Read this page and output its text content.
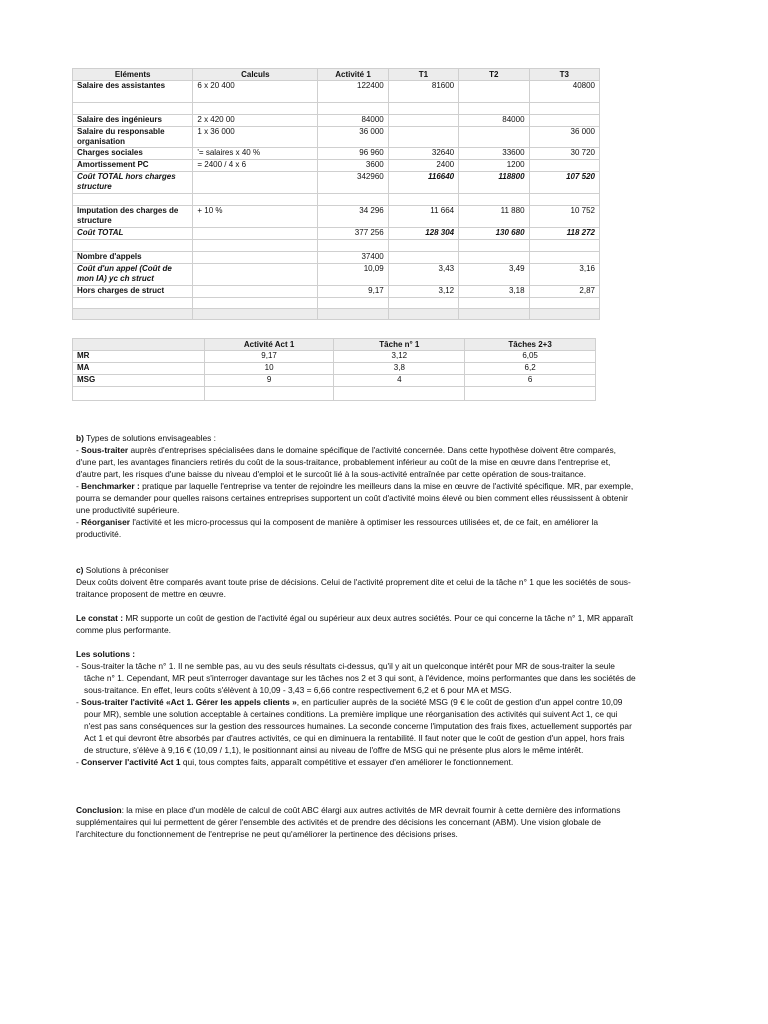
Eléments	Calculs	Activité 1	T1	T2	T3
Salaire des assistantes	6 x 20 400	122400	81600		40800

Salaire des ingénieurs	2 x 420 00	84000		84000	
Salaire du responsable organisation	1 x 36 000	36 000			36 000
Charges sociales	'= salaires x 40 %	96 960	32640	33600	30 720
Amortissement PC	= 2400 / 4 x 6	3600	2400	1200	
Coût TOTAL hors charges structure		342960	116640	118800	107 520

Imputation des charges de structure	+ 10 %	34 296	11 664	11 880	10 752
Coût TOTAL		377 256	128 304	130 680	118 272

Nombre d'appels		37400			
Coût d'un appel (Coût de mon IA) yc ch struct		10,09	3,43	3,49	3,16
Hors charges de struct		9,17	3,12	3,18	2,87

	Activité Act 1	Tâche n° 1	Tâches 2+3
MR	9,17	3,12	6,05
MA	10	3,8	6,2
MSG	9	4	6

b) Types de solutions envisageables :

- Sous-traiter auprès d'entreprises spécialisées dans le domaine spécifique de l'activité concernée. Dans cette hypothèse doivent être comparés, d'une part, les avantages financiers retirés du coût de la sous-traitance, probablement inférieur au coût de la mise en œuvre dans l'entreprise et, d'autre part, les risques d'une baisse du niveau d'emploi et le surcoût lié à la sous-activité entraînée par cette opération de sous-traitance.

- Benchmarker : pratique par laquelle l'entreprise va tenter de rejoindre les meilleurs dans la mise en œuvre de l'activité spécifique. MR, par exemple, pourra se demander pour quelles raisons certaines entreprises supportent un coût d'activité moins élevé ou bien comment elles réussissent à obtenir une productivité supérieure.

- Réorganiser l'activité et les micro-processus qui la composent de manière à optimiser les ressources utilisées et, de ce fait, en améliorer la productivité.

c) Solutions à préconiser

Deux coûts doivent être comparés avant toute prise de décisions. Celui de l'activité proprement dite et celui de la tâche n° 1 que les sociétés de sous-traitance proposent de mettre en œuvre.

Le constat : MR supporte un coût de gestion de l'activité égal ou supérieur aux deux autres sociétés. Pour ce qui concerne la tâche n° 1, MR apparaît comme plus performante.

Les solutions :

- Sous-traiter la tâche n° 1. Il ne semble pas, au vu des seuls résultats ci-dessus, qu'il y ait un quelconque intérêt pour MR de sous-traiter la seule tâche n° 1. Cependant, MR peut s'interroger davantage sur les tâches nos 2 et 3 qui sont, à l'évidence, moins performantes que dans les sociétés de sous-traitance. En effet, leurs coûts s'élèvent à 10,09 - 3,43 = 6,66 contre respectivement 6,2 et 6 pour MA et MSG.

- Sous-traiter l'activité «Act 1. Gérer les appels clients », en particulier auprès de la société MSG (9 € le coût de gestion d'un appel contre 10,09 pour MR), semble une solution acceptable à certaines conditions. La première implique une réorganisation des activités qui suivent Act 1, ce qui n'est pas sans conséquences sur la gestion des ressources humaines. La seconde concerne l'imputation des frais fixes, actuellement supportés par Act 1 et qui devront être absorbés par d'autres activités, ce qui en diminuera la rentabilité. Il faut noter que le coût de gestion d'un appel, hors frais de structure, s'élève à 9,16 € (10,09 / 1,1), le positionnant ainsi au niveau de l'offre de MSG qui ne présente plus alors le même intérêt.

- Conserver l'activité Act 1 qui, tous comptes faits, apparaît compétitive et essayer d'en améliorer le fonctionnement.

Conclusion: la mise en place d'un modèle de calcul de coût ABC élargi aux autres activités de MR devrait fournir à cette dernière des informations supplémentaires qui lui permettent de gérer l'ensemble des activités et de prendre des décisions les concernant (ABM). Une vision globale de l'architecture du fonctionnement de l'entreprise ne peut qu'améliorer la pertinence des décisions prises.
